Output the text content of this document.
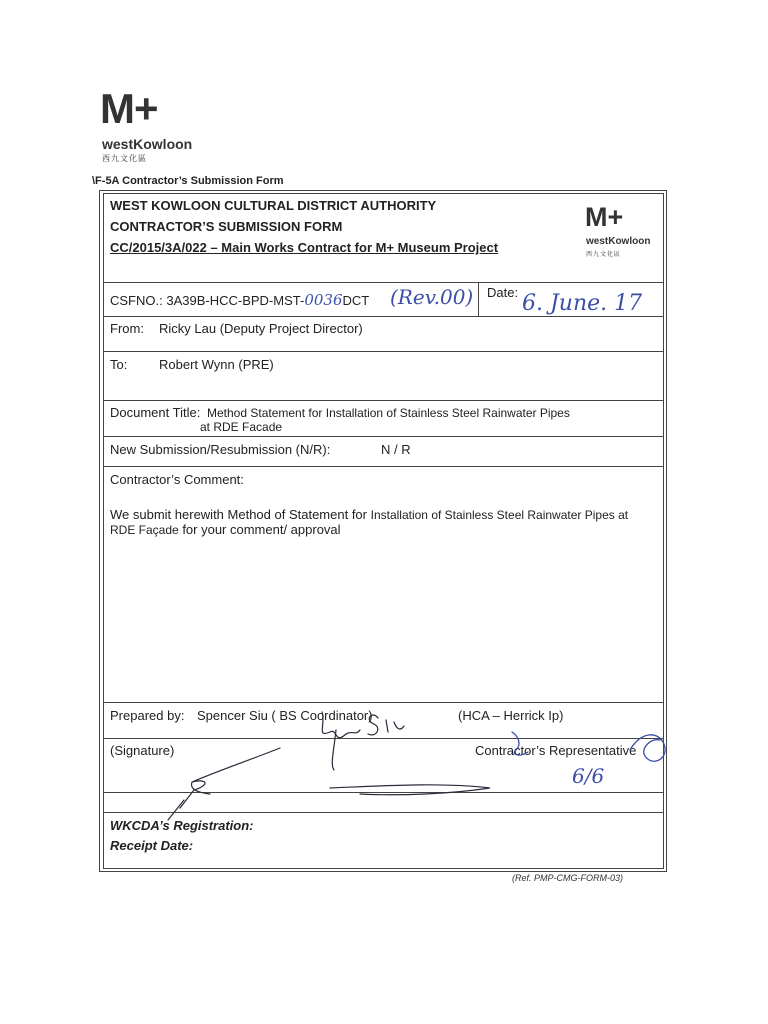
M+
westKowloon
西九文化區
\F-5A Contractor’s Submission Form
WEST KOWLOON CULTURAL DISTRICT AUTHORITY
CONTRACTOR’S SUBMISSION FORM
CC/2015/3A/022 – Main Works Contract for M+ Museum Project
M+
westKowloon
西九文化區
CSFNO.: 3A39B-HCC-BPD-MST-0036DCT (Rev.00) Date: 6. June. 17
From: Ricky Lau (Deputy Project Director)
To: Robert Wynn (PRE)
Document Title: Method Statement for Installation of Stainless Steel Rainwater Pipes
at RDE Facade
New Submission/Resubmission (N/R):	N / R
Contractor’s Comment:
We submit herewith Method of Statement for Installation of Stainless Steel Rainwater Pipes at
RDE Façade for your comment/ approval
Prepared by: Spencer Siu ( BS Coordinator)	(HCA – Herrick Ip)
(Signature)	Contractor’s Representative
6/6
WKCDA’s Registration:
Receipt Date:
(Ref. PMP-CMG-FORM-03)
